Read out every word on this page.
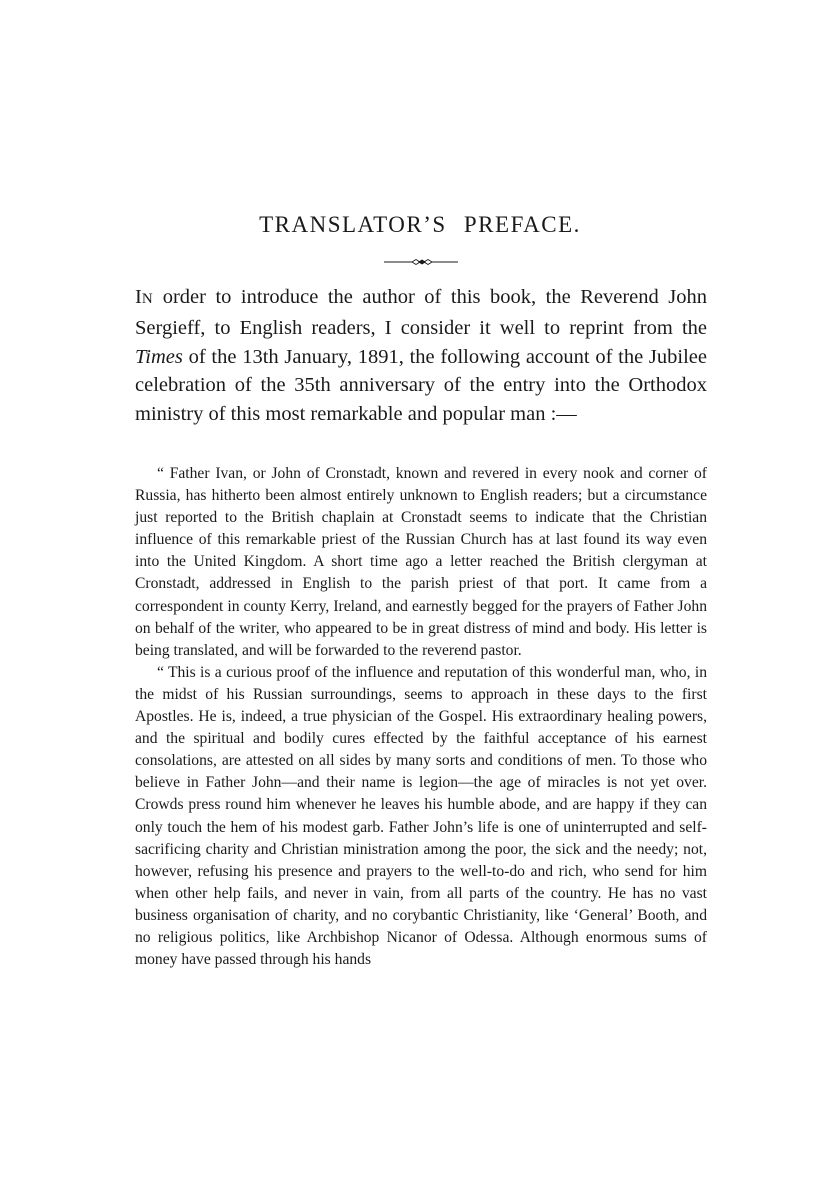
TRANSLATOR’S PREFACE.

IN order to introduce the author of this book, the Reverend John Sergieff, to English readers, I consider it well to reprint from the Times of the 13th January, 1891, the following account of the Jubilee celebration of the 35th anniversary of the entry into the Orthodox ministry of this most remarkable and popular man :—

“ Father Ivan, or John of Cronstadt, known and revered in every nook and corner of Russia, has hitherto been almost entirely unknown to English readers; but a circumstance just reported to the British chaplain at Cronstadt seems to indicate that the Christian influence of this remarkable priest of the Russian Church has at last found its way even into the United Kingdom. A short time ago a letter reached the British clergyman at Cronstadt, addressed in English to the parish priest of that port. It came from a correspondent in county Kerry, Ireland, and earnestly begged for the prayers of Father John on behalf of the writer, who appeared to be in great distress of mind and body. His letter is being translated, and will be forwarded to the reverend pastor.

“ This is a curious proof of the influence and reputation of this wonderful man, who, in the midst of his Russian surroundings, seems to approach in these days to the first Apostles. He is, indeed, a true physician of the Gospel. His extraordinary healing powers, and the spiritual and bodily cures effected by the faithful acceptance of his earnest consolations, are attested on all sides by many sorts and conditions of men. To those who believe in Father John—and their name is legion—the age of miracles is not yet over. Crowds press round him whenever he leaves his humble abode, and are happy if they can only touch the hem of his modest garb. Father John’s life is one of uninterrupted and self-sacrificing charity and Christian ministration among the poor, the sick and the needy; not, however, refusing his presence and prayers to the well-to-do and rich, who send for him when other help fails, and never in vain, from all parts of the country. He has no vast business organisation of charity, and no corybantic Christianity, like ‘General’ Booth, and no religious politics, like Archbishop Nicanor of Odessa. Although enormous sums of money have passed through his hands
